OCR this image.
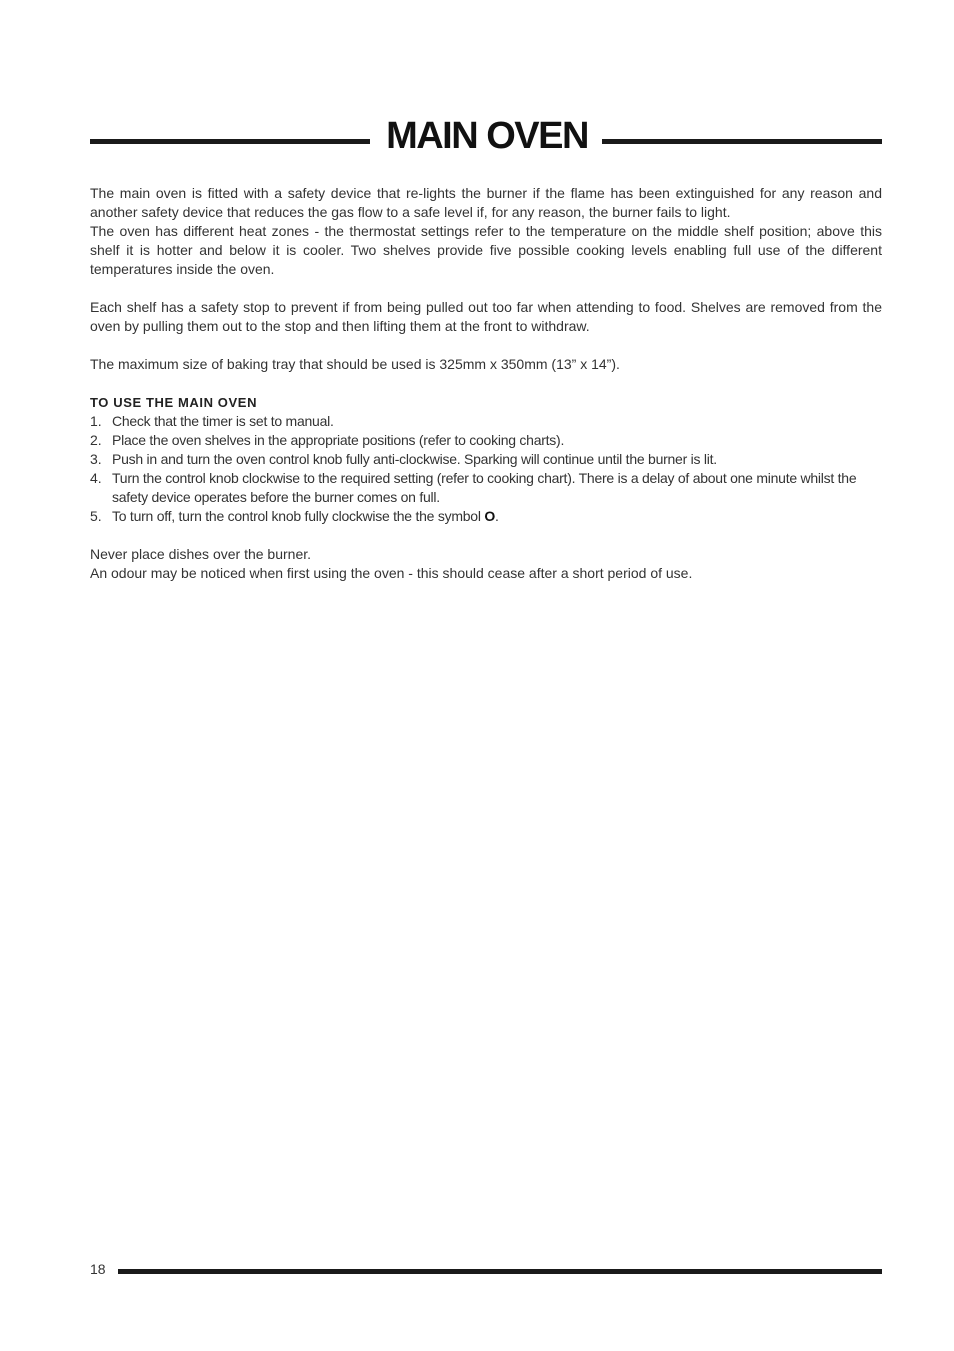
MAIN OVEN

The main oven is fitted with a safety device that re-lights the burner if the flame has been extinguished for any reason and another safety device that reduces the gas flow to a safe level if, for any reason, the burner fails to light.

The oven has different heat zones - the thermostat settings refer to the temperature on the middle shelf position; above this shelf it is hotter and below it is cooler. Two shelves provide five possible cooking levels enabling full use of the different temperatures inside the oven.

Each shelf has a safety stop to prevent if from being pulled out too far when attending to food. Shelves are removed from the oven by pulling them out to the stop and then lifting them at the front to withdraw.

The maximum size of baking tray that should be used is 325mm x 350mm (13” x 14”).

TO USE THE MAIN OVEN

1. Check that the timer is set to manual.
2. Place the oven shelves in the appropriate positions (refer to cooking charts).
3. Push in and turn the oven control knob fully anti-clockwise. Sparking will continue until the burner is lit.
4. Turn the control knob clockwise to the required setting (refer to cooking chart). There is a delay of about one minute whilst the safety device operates before the burner comes on full.
5. To turn off, turn the control knob fully clockwise the the symbol O.

Never place dishes over the burner.

An odour may be noticed when first using the oven - this should cease after a short period of use.

18
